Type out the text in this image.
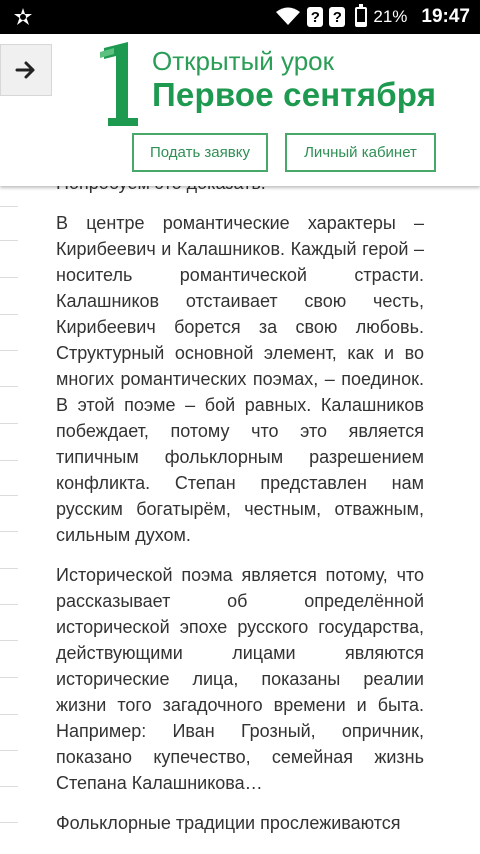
? ? 21% 19:47
Открытый урок
Первое сентября
Подать заявку	Личный кабинет

В центре романтические характеры – Кирибеевич и Калашников. Каждый герой – носитель романтической страсти. Калашников отстаивает свою честь, Кирибеевич борется за свою любовь. Структурный основной элемент, как и во многих романтических поэмах, – поединок. В этой поэме – бой равных. Калашников побеждает, потому что это является типичным фольклорным разрешением конфликта. Степан представлен нам русским богатырём, честным, отважным, сильным духом.

Исторической поэма является потому, что рассказывает об определённой исторической эпохе русского государства, действующими лицами являются исторические лица, показаны реалии жизни того загадочного времени и быта. Например: Иван Грозный, опричник, показано купечество, семейная жизнь Степана Калашникова…

Фольклорные традиции прослеживаются
